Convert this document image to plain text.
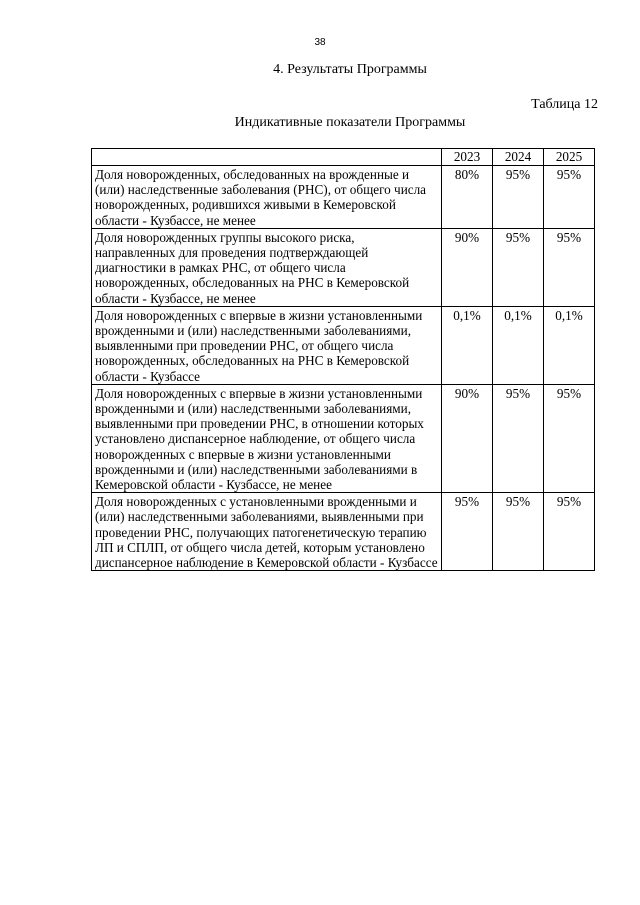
38
4. Результаты Программы
Таблица 12
Индикативные показатели Программы
	2023	2024	2025
Доля новорожденных, обследованных на врожденные и (или) наследственные заболевания (РНС), от общего числа новорожденных, родившихся живыми в Кемеровской области - Кузбассе, не менее	80%	95%	95%
Доля новорожденных группы высокого риска, направленных для проведения подтверждающей диагностики в рамках РНС, от общего числа новорожденных, обследованных на РНС в Кемеровской области - Кузбассе, не менее	90%	95%	95%
Доля новорожденных с впервые в жизни установленными врожденными и (или) наследственными заболеваниями, выявленными при проведении РНС, от общего числа новорожденных, обследованных на РНС в Кемеровской области - Кузбассе	0,1%	0,1%	0,1%
Доля новорожденных с впервые в жизни установленными врожденными и (или) наследственными заболеваниями, выявленными при проведении РНС, в отношении которых установлено диспансерное наблюдение, от общего числа новорожденных с впервые в жизни установленными врожденными и (или) наследственными заболеваниями в Кемеровской области - Кузбассе, не менее	90%	95%	95%
Доля новорожденных с установленными врожденными и (или) наследственными заболеваниями, выявленными при проведении РНС, получающих патогенетическую терапию ЛП и СПЛП, от общего числа детей, которым установлено диспансерное наблюдение в Кемеровской области - Кузбассе	95%	95%	95%
